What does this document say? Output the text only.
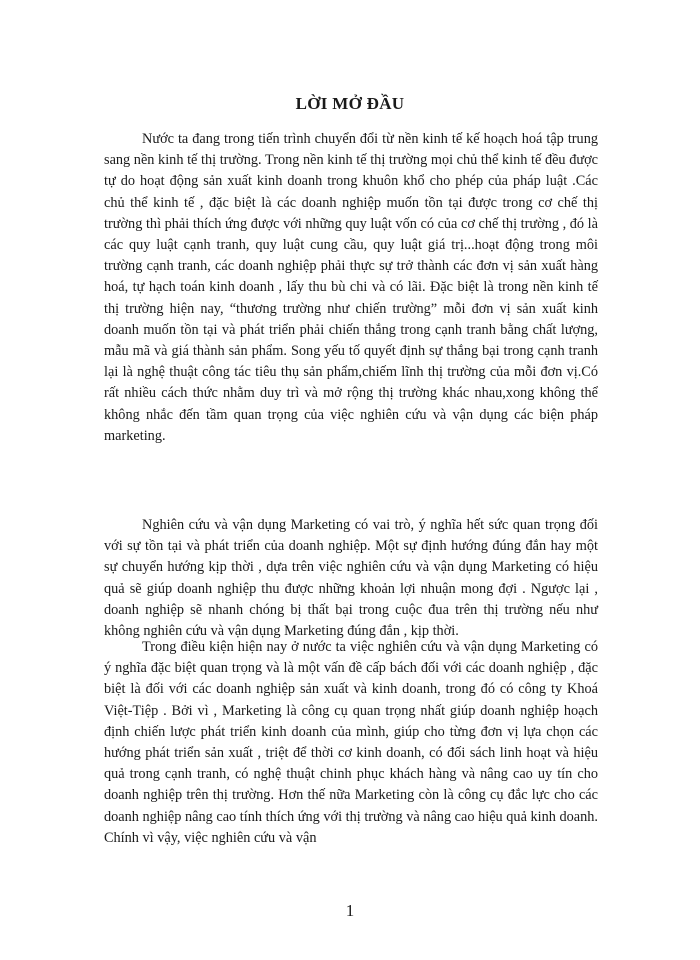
LỜI MỞ ĐẦU

Nước ta đang trong tiến trình chuyển đổi từ nền kinh tế kế hoạch hoá tập trung sang nền kinh tế thị trường. Trong nền kinh tế thị trường mọi chủ thể kinh tế đều được tự do hoạt động sản xuất kinh doanh trong khuôn khổ cho phép của pháp luật .Các chủ thể kinh tế , đặc biệt là các doanh nghiệp muốn tồn tại được trong cơ chế thị trường thì phải thích ứng được với những quy luật vốn có của cơ chế thị trường , đó là các quy luật cạnh tranh, quy luật cung cầu, quy luật giá trị...hoạt động trong môi trường cạnh tranh, các doanh nghiệp phải thực sự trở thành các đơn vị sản xuất hàng hoá, tự hạch toán kinh doanh , lấy thu bù chi và có lãi. Đặc biệt là trong nền kinh tế thị trường hiện nay, “thương trường như chiến trường” mỗi đơn vị sản xuất kinh doanh muốn tồn tại và phát triển phải chiến thắng trong cạnh tranh bằng chất lượng, mẫu mã và giá thành sản phẩm. Song yếu tố quyết định sự thắng bại trong cạnh tranh lại là nghệ thuật công tác tiêu thụ sản phẩm,chiếm lĩnh thị trường của mỗi đơn vị.Có rất nhiều cách thức nhằm duy trì và mở rộng thị trường khác nhau,xong không thể không nhắc đến tầm quan trọng của việc nghiên cứu và vận dụng các biện pháp marketing.

Nghiên cứu và vận dụng Marketing có vai trò, ý nghĩa hết sức quan trọng đối với sự tồn tại và phát triển của doanh nghiệp. Một sự định hướng đúng đắn hay một sự chuyển hướng kịp thời , dựa trên việc nghiên cứu và vận dụng Marketing có hiệu quả sẽ giúp doanh nghiệp thu được những khoản lợi nhuận mong đợi . Ngược lại , doanh nghiệp sẽ nhanh chóng bị thất bại trong cuộc đua trên thị trường nếu như không nghiên cứu và vận dụng Marketing đúng đắn , kịp thời.

Trong điều kiện hiện nay ở nước ta việc nghiên cứu và vận dụng Marketing có ý nghĩa đặc biệt quan trọng và là một vấn đề cấp bách đối với các doanh nghiệp , đặc biệt là đối với các doanh nghiệp sản xuất và kinh doanh, trong đó có công ty Khoá Việt-Tiệp . Bởi vì , Marketing là công cụ quan trọng nhất giúp doanh nghiệp hoạch định chiến lược phát triển kinh doanh của mình, giúp cho từng đơn vị lựa chọn các hướng phát triển sản xuất , triệt để thời cơ kinh doanh, có đối sách linh hoạt và hiệu quả trong cạnh tranh, có nghệ thuật chinh phục khách hàng và nâng cao uy tín cho doanh nghiệp trên thị trường. Hơn thế nữa Marketing còn là công cụ đắc lực cho các doanh nghiệp nâng cao tính thích ứng với thị trường và nâng cao hiệu quả kinh doanh. Chính vì vậy, việc nghiên cứu và vận

1
